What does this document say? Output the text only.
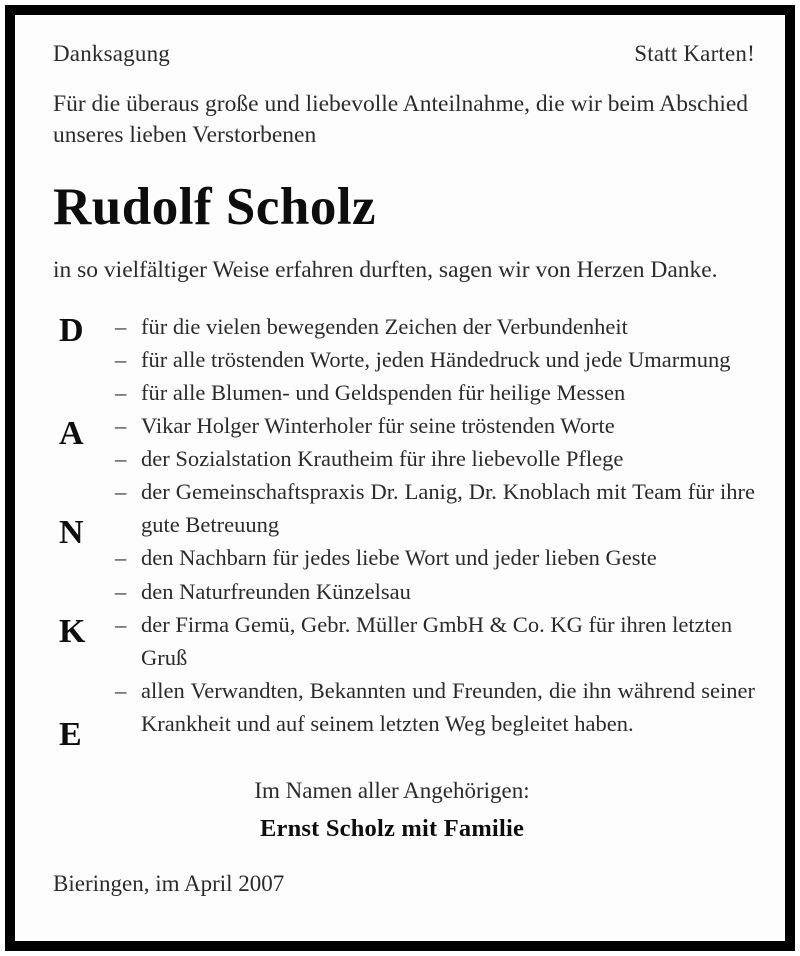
Danksagung	Statt Karten!

Für die überaus große und liebevolle Anteilnahme, die wir beim Abschied unseres lieben Verstorbenen

Rudolf Scholz

in so vielfältiger Weise erfahren durften, sagen wir von Herzen Danke.

D
A
N
K
E
– für die vielen bewegenden Zeichen der Verbundenheit
– für alle tröstenden Worte, jeden Händedruck und jede Umarmung
– für alle Blumen- und Geldspenden für heilige Messen
– Vikar Holger Winterholer für seine tröstenden Worte
– der Sozialstation Krautheim für ihre liebevolle Pflege
– der Gemeinschaftspraxis Dr. Lanig, Dr. Knoblach mit Team für ihre gute Betreuung
– den Nachbarn für jedes liebe Wort und jeder lieben Geste
– den Naturfreunden Künzelsau
– der Firma Gemü, Gebr. Müller GmbH & Co. KG für ihren letzten Gruß
– allen Verwandten, Bekannten und Freunden, die ihn während seiner Krankheit und auf seinem letzten Weg begleitet haben.
Im Namen aller Angehörigen:
Ernst Scholz mit Familie
Bieringen, im April 2007
